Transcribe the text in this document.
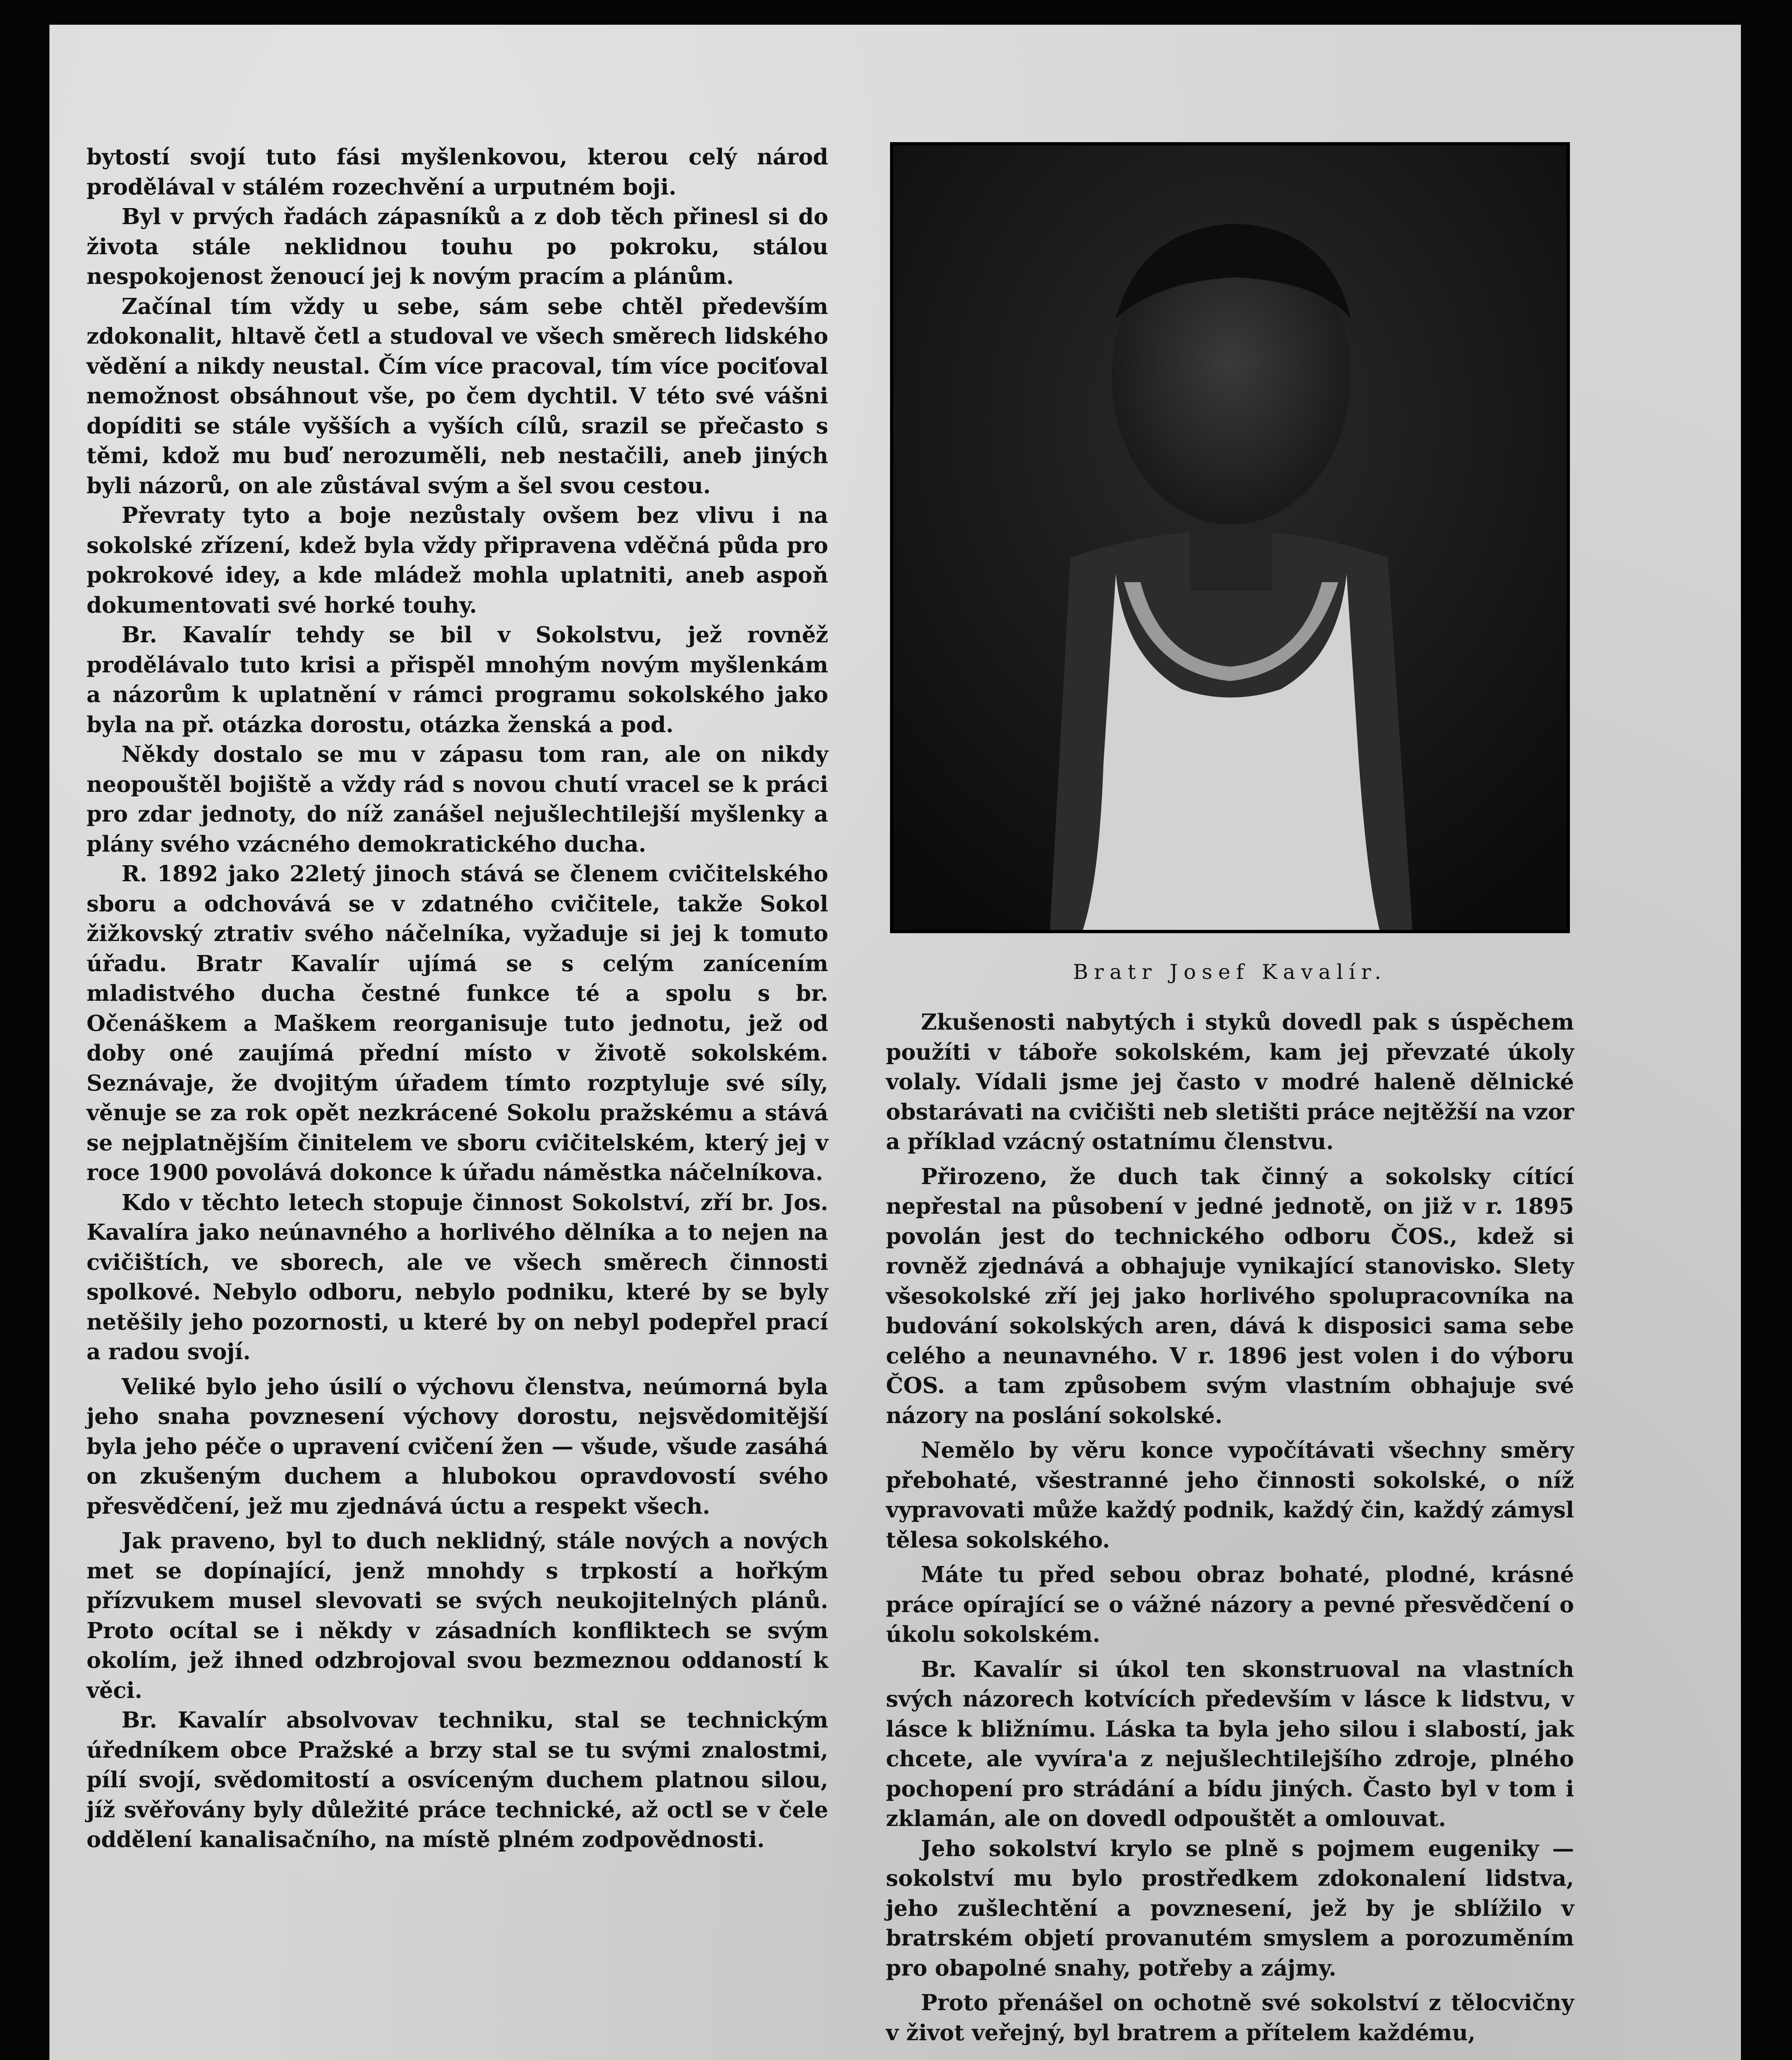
bytostí svojí tuto fási myšlenkovou, kterou celý národ prodělával v stálém rozechvění a urputném boji.

Byl v prvých řadách zápasníků a z dob těch přinesl si do života stále neklidnou touhu po pokroku, stálou nespokojenost ženoucí jej k novým pracím a plánům.

Začínal tím vždy u sebe, sám sebe chtěl především zdokonalit, hltavě četl a studoval ve všech směrech lidského vědění a nikdy neustal. Čím více pracoval, tím více pociťoval nemožnost obsáhnout vše, po čem dychtil. V této své vášni dopíditi se stále vyšších a vyších cílů, srazil se přečasto s těmi, kdož mu buď nerozuměli, neb nestačili, aneb jiných byli názorů, on ale zůstával svým a šel svou cestou.

Převraty tyto a boje nezůstaly ovšem bez vlivu i na sokolské zřízení, kdež byla vždy připravena vděčná půda pro pokrokové idey, a kde mládež mohla uplatniti, aneb aspoň dokumentovati své horké touhy.

Br. Kavalír tehdy se bil v Sokolstvu, jež rovněž prodělávalo tuto krisi a přispěl mnohým novým myšlenkám a názorům k uplatnění v rámci programu sokolského jako byla na př. otázka dorostu, otázka ženská a pod.

Někdy dostalo se mu v zápasu tom ran, ale on nikdy neopouštěl bojiště a vždy rád s novou chutí vracel se k práci pro zdar jednoty, do níž zanášel nejušlechtilejší myšlenky a plány svého vzácného demokratického ducha.

R. 1892 jako 22letý jinoch stává se členem cvičitelského sboru a odchovává se v zdatného cvičitele, takže Sokol žižkovský ztrativ svého náčelníka, vyžaduje si jej k tomuto úřadu. Bratr Kavalír ujímá se s celým zanícením mladistvého ducha čestné funkce té a spolu s br. Očenáškem a Maškem reorganisuje tuto jednotu, jež od doby oné zaujímá přední místo v životě sokolském. Seznávaje, že dvojitým úřadem tímto rozptyluje své síly, věnuje se za rok opět nezkrácené Sokolu pražskému a stává se nejplatnějším činitelem ve sboru cvičitelském, který jej v roce 1900 povolává dokonce k úřadu náměstka náčelníkova.

Kdo v těchto letech stopuje činnost Sokolství, zří br. Jos. Kavalíra jako neúnavného a horlivého dělníka a to nejen na cvičištích, ve sborech, ale ve všech směrech činnosti spolkové. Nebylo odboru, nebylo podniku, které by se byly netěšily jeho pozornosti, u které by on nebyl podepřel prací a radou svojí.

Veliké bylo jeho úsilí o výchovu členstva, neúmorná byla jeho snaha povznesení výchovy dorostu, nejsvědomitější byla jeho péče o upravení cvičení žen — všude, všude zasáhá on zkušeným duchem a hlubokou opravdovostí svého přesvědčení, jež mu zjednává úctu a respekt všech.

Jak praveno, byl to duch neklidný, stále nových a nových met se dopínající, jenž mnohdy s trpkostí a hořkým přízvukem musel slevovati se svých neukojitelných plánů. Proto ocítal se i někdy v zásadních konfliktech se svým okolím, jež ihned odzbrojoval svou bezmeznou oddaností k věci.

Br. Kavalír absolvovav techniku, stal se technickým úředníkem obce Pražské a brzy stal se tu svými znalostmi, pílí svojí, svědomitostí a osvíceným duchem platnou silou, jíž svěřovány byly důležité práce technické, až octl se v čele oddělení kanalisačního, na místě plném zodpovědnosti.

Bratr Josef Kavalír.

Zkušenosti nabytých i styků dovedl pak s úspěchem použíti v táboře sokolském, kam jej převzaté úkoly volaly. Vídali jsme jej často v modré haleně dělnické obstarávati na cvičišti neb sletišti práce nejtěžší na vzor a příklad vzácný ostatnímu členstvu.

Přirozeno, že duch tak činný a sokolsky cítící nepřestal na působení v jedné jednotě, on již v r. 1895 povolán jest do technického odboru ČOS., kdež si rovněž zjednává a obhajuje vynikající stanovisko. Slety všesokolské zří jej jako horlivého spolupracovníka na budování sokolských aren, dává k disposici sama sebe celého a neunavného. V r. 1896 jest volen i do výboru ČOS. a tam způsobem svým vlastním obhajuje své názory na poslání sokolské.

Nemělo by věru konce vypočítávati všechny směry přebohaté, všestranné jeho činnosti sokolské, o níž vypravovati může každý podnik, každý čin, každý zámysl tělesa sokolského.

Máte tu před sebou obraz bohaté, plodné, krásné práce opírající se o vážné názory a pevné přesvědčení o úkolu sokolském.

Br. Kavalír si úkol ten skonstruoval na vlastních svých názorech kotvících především v lásce k lidstvu, v lásce k bližnímu. Láska ta byla jeho silou i slabostí, jak chcete, ale vyvíra'a z nejušlechtilejšího zdroje, plného pochopení pro strádání a bídu jiných. Často byl v tom i zklamán, ale on dovedl odpouštět a omlouvat.

Jeho sokolství krylo se plně s pojmem eugeniky — sokolství mu bylo prostředkem zdokonalení lidstva, jeho zušlechtění a povznesení, jež by je sblížilo v bratrském objetí provanutém smyslem a porozuměním pro obapolné snahy, potřeby a zájmy.

Proto přenášel on ochotně své sokolství z tělocvičny v život veřejný, byl bratrem a přítelem každému,
